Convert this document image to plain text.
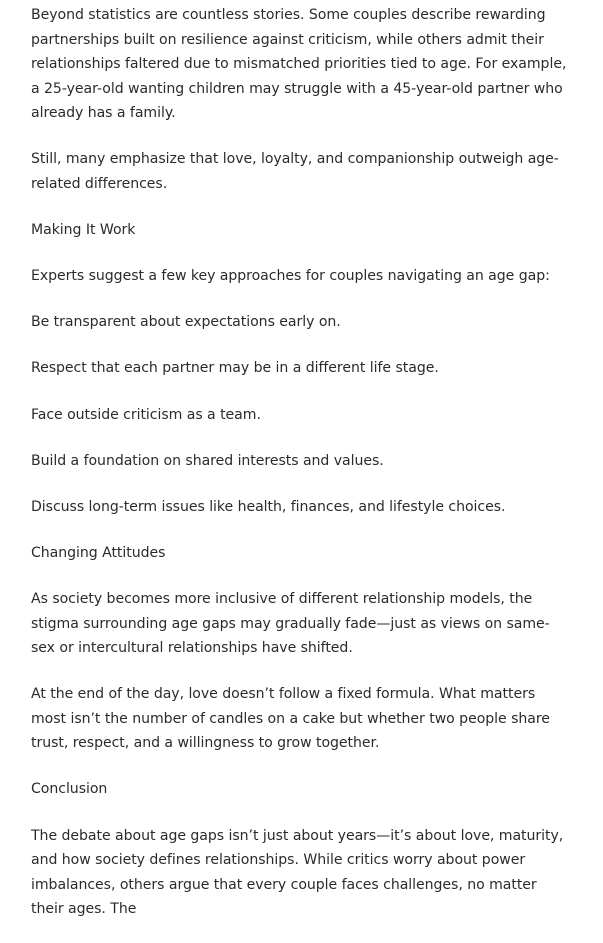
Beyond statistics are countless stories. Some couples describe rewarding partnerships built on resilience against criticism, while others admit their relationships faltered due to mismatched priorities tied to age. For example, a 25-year-old wanting children may struggle with a 45-year-old partner who already has a family.

Still, many emphasize that love, loyalty, and companionship outweigh age-related differences.

Making It Work

Experts suggest a few key approaches for couples navigating an age gap:

Be transparent about expectations early on.

Respect that each partner may be in a different life stage.

Face outside criticism as a team.

Build a foundation on shared interests and values.

Discuss long-term issues like health, finances, and lifestyle choices.

Changing Attitudes

As society becomes more inclusive of different relationship models, the stigma surrounding age gaps may gradually fade—just as views on same-sex or intercultural relationships have shifted.

At the end of the day, love doesn’t follow a fixed formula. What matters most isn’t the number of candles on a cake but whether two people share trust, respect, and a willingness to grow together.

Conclusion

The debate about age gaps isn’t just about years—it’s about love, maturity, and how society defines relationships. While critics worry about power imbalances, others argue that every couple faces challenges, no matter their ages. The
